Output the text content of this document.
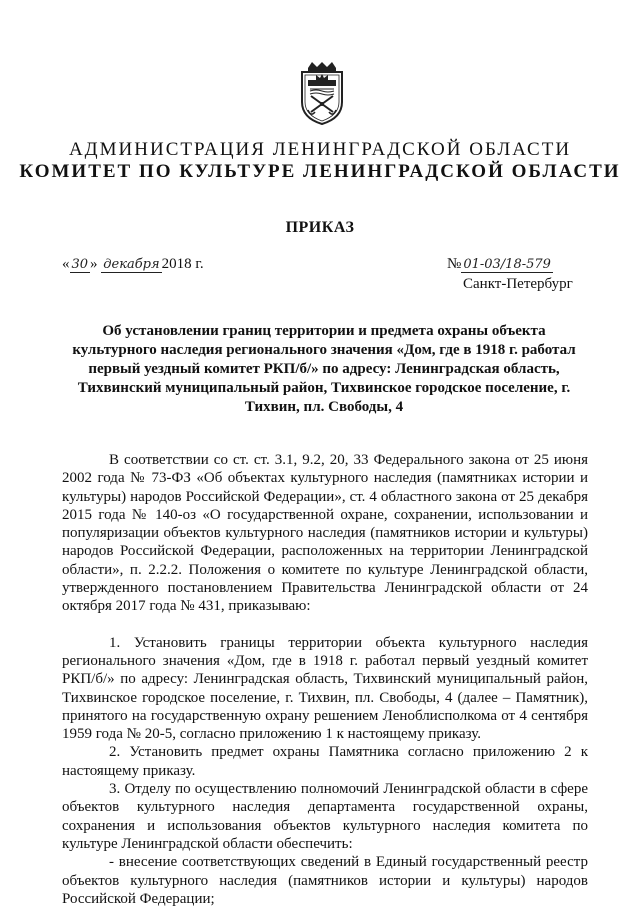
АДМИНИСТРАЦИЯ ЛЕНИНГРАДСКОЙ ОБЛАСТИ
КОМИТЕТ ПО КУЛЬТУРЕ ЛЕНИНГРАДСКОЙ ОБЛАСТИ
ПРИКАЗ
« 30 » декабря 2018 г.	№ 01-03/18-579
Санкт-Петербург
Об установлении границ территории и предмета охраны объекта культурного наследия регионального значения «Дом, где в 1918 г. работал первый уездный комитет РКП/б/» по адресу: Ленинградская область, Тихвинский муниципальный район, Тихвинское городское поселение, г. Тихвин, пл. Свободы, 4

В соответствии со ст. ст. 3.1, 9.2, 20, 33 Федерального закона от 25 июня 2002 года № 73-ФЗ «Об объектах культурного наследия (памятниках истории и культуры) народов Российской Федерации», ст. 4 областного закона от 25 декабря 2015 года № 140-оз «О государственной охране, сохранении, использовании и популяризации объектов культурного наследия (памятников истории и культуры) народов Российской Федерации, расположенных на территории Ленинградской области», п. 2.2.2. Положения о комитете по культуре Ленинградской области, утвержденного постановлением Правительства Ленинградской области от 24 октября 2017 года № 431, приказываю:

1. Установить границы территории объекта культурного наследия регионального значения «Дом, где в 1918 г. работал первый уездный комитет РКП/б/» по адресу: Ленинградская область, Тихвинский муниципальный район, Тихвинское городское поселение, г. Тихвин, пл. Свободы, 4 (далее – Памятник), принятого на государственную охрану решением Леноблисполкома от 4 сентября 1959 года № 20-5, согласно приложению 1 к настоящему приказу.

2. Установить предмет охраны Памятника согласно приложению 2 к настоящему приказу.

3. Отделу по осуществлению полномочий Ленинградской области в сфере объектов культурного наследия департамента государственной охраны, сохранения и использования объектов культурного наследия комитета по культуре Ленинградской области обеспечить:

- внесение соответствующих сведений в Единый государственный реестр объектов культурного наследия (памятников истории и культуры) народов Российской Федерации;
